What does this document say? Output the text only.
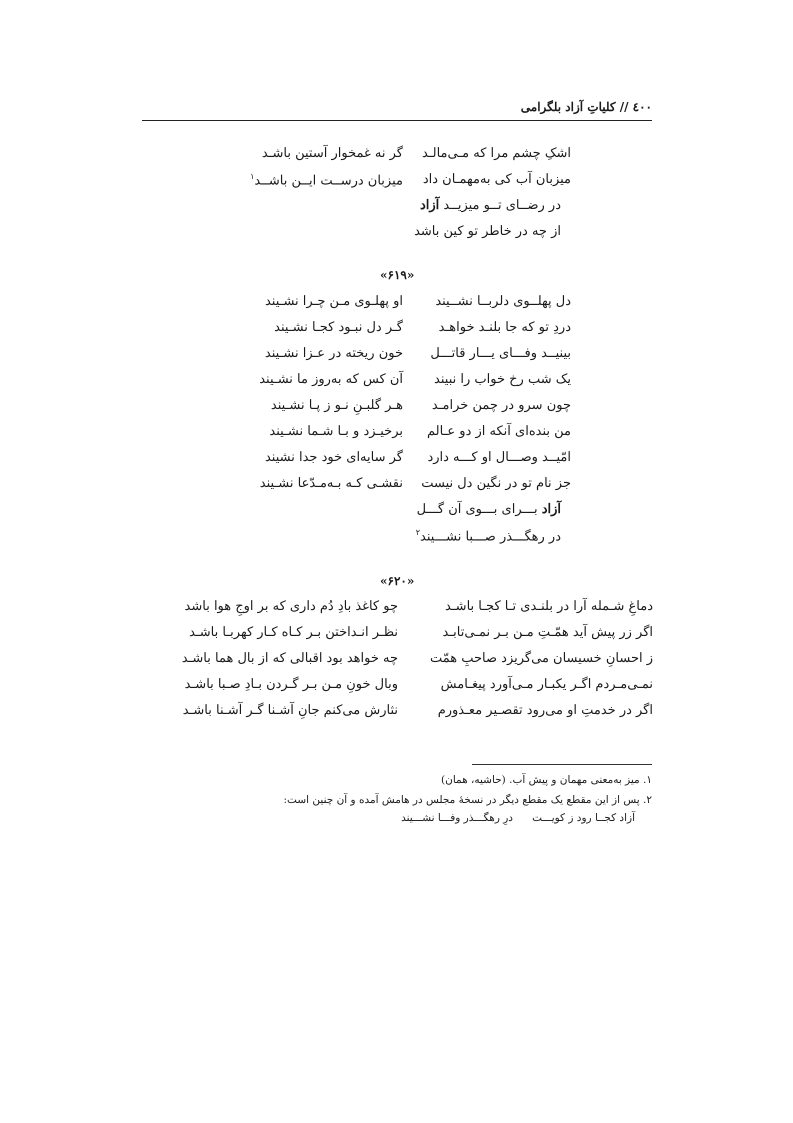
٤٠٠ // کلیاتِ آزاد بلگرامی
اشکِ چشم مرا که مـی‌مالـد
گر نه غمخوار آستین باشـد
میزبان آب کی به‌مهمـان داد
میزبان درســت ایــن باشــد$^۱$
در رضــای تــو میزیــد آزاد
از چه در خاطر تو کین باشد
«۶۱۹»
دل پهلــوی دلربــا نشــیند
او پهلـوی مـن چـرا نشـیند
دردِ تو که جا بلنـد خواهـد
گـر دل نبـود کجـا نشـیند
بینیــد وفـــای یـــار قاتـــل
خون ریخته در عـزا نشـیند
یک شب رخ خواب را نبیند
آن کس که به‌روز ما نشـیند
چون سرو در چمن خرامـد
هـر گلبـنِ نـو ز پـا نشـیند
من بنده‌ای آنکه از دو عـالم
برخیـزد و بـا شـما نشـیند
امّیــد وصـــال او کـــه دارد
گر سایه‌ای خود جدا نشیند
جز نام تو در نگین دل نیست
نقشـی کـه بـه‌مـدّعا نشـیند
آزاد بـــرای بـــوی آن گـــل
در رهگـــذر صـــبا نشـــیند$^۲$
«۶۲۰»
دماغِ شـمله آرا در بلنـدی تـا کجـا باشـد
چو کاغذ بادِ دُم داری که بر اوجِ هوا باشد
اگر زر پیش آید همّـتِ مـن بـر نمـی‌تابـد
نظـر انـداختن بـر کـاه کـار کهربـا باشـد
ز احسانِ خسیسان می‌گریزد صاحبِ همّت
چه خواهد بود اقبالی که از بال هما باشـد
نمـی‌مـردم اگـر یکبـار مـی‌آورد پیغـامش
وبال خونِ مـن بـر گـردن بـادِ صـبا باشـد
اگر در خدمتِ او می‌رود تقصـیر معـذورم
نثارش می‌کنم جانِ آشـنا گـر آشـنا باشـد
۱. میز به‌معنی مهمان و پیش آب. (حاشیه، همان)
۲. پس از این مقطع یک مقطع دیگر در نسخهٔ مجلس در هامش آمده و آن چنین است:
آزاد کجــا رود ز کویـــت
درِ رهگـــذر وفـــا نشـــیند
